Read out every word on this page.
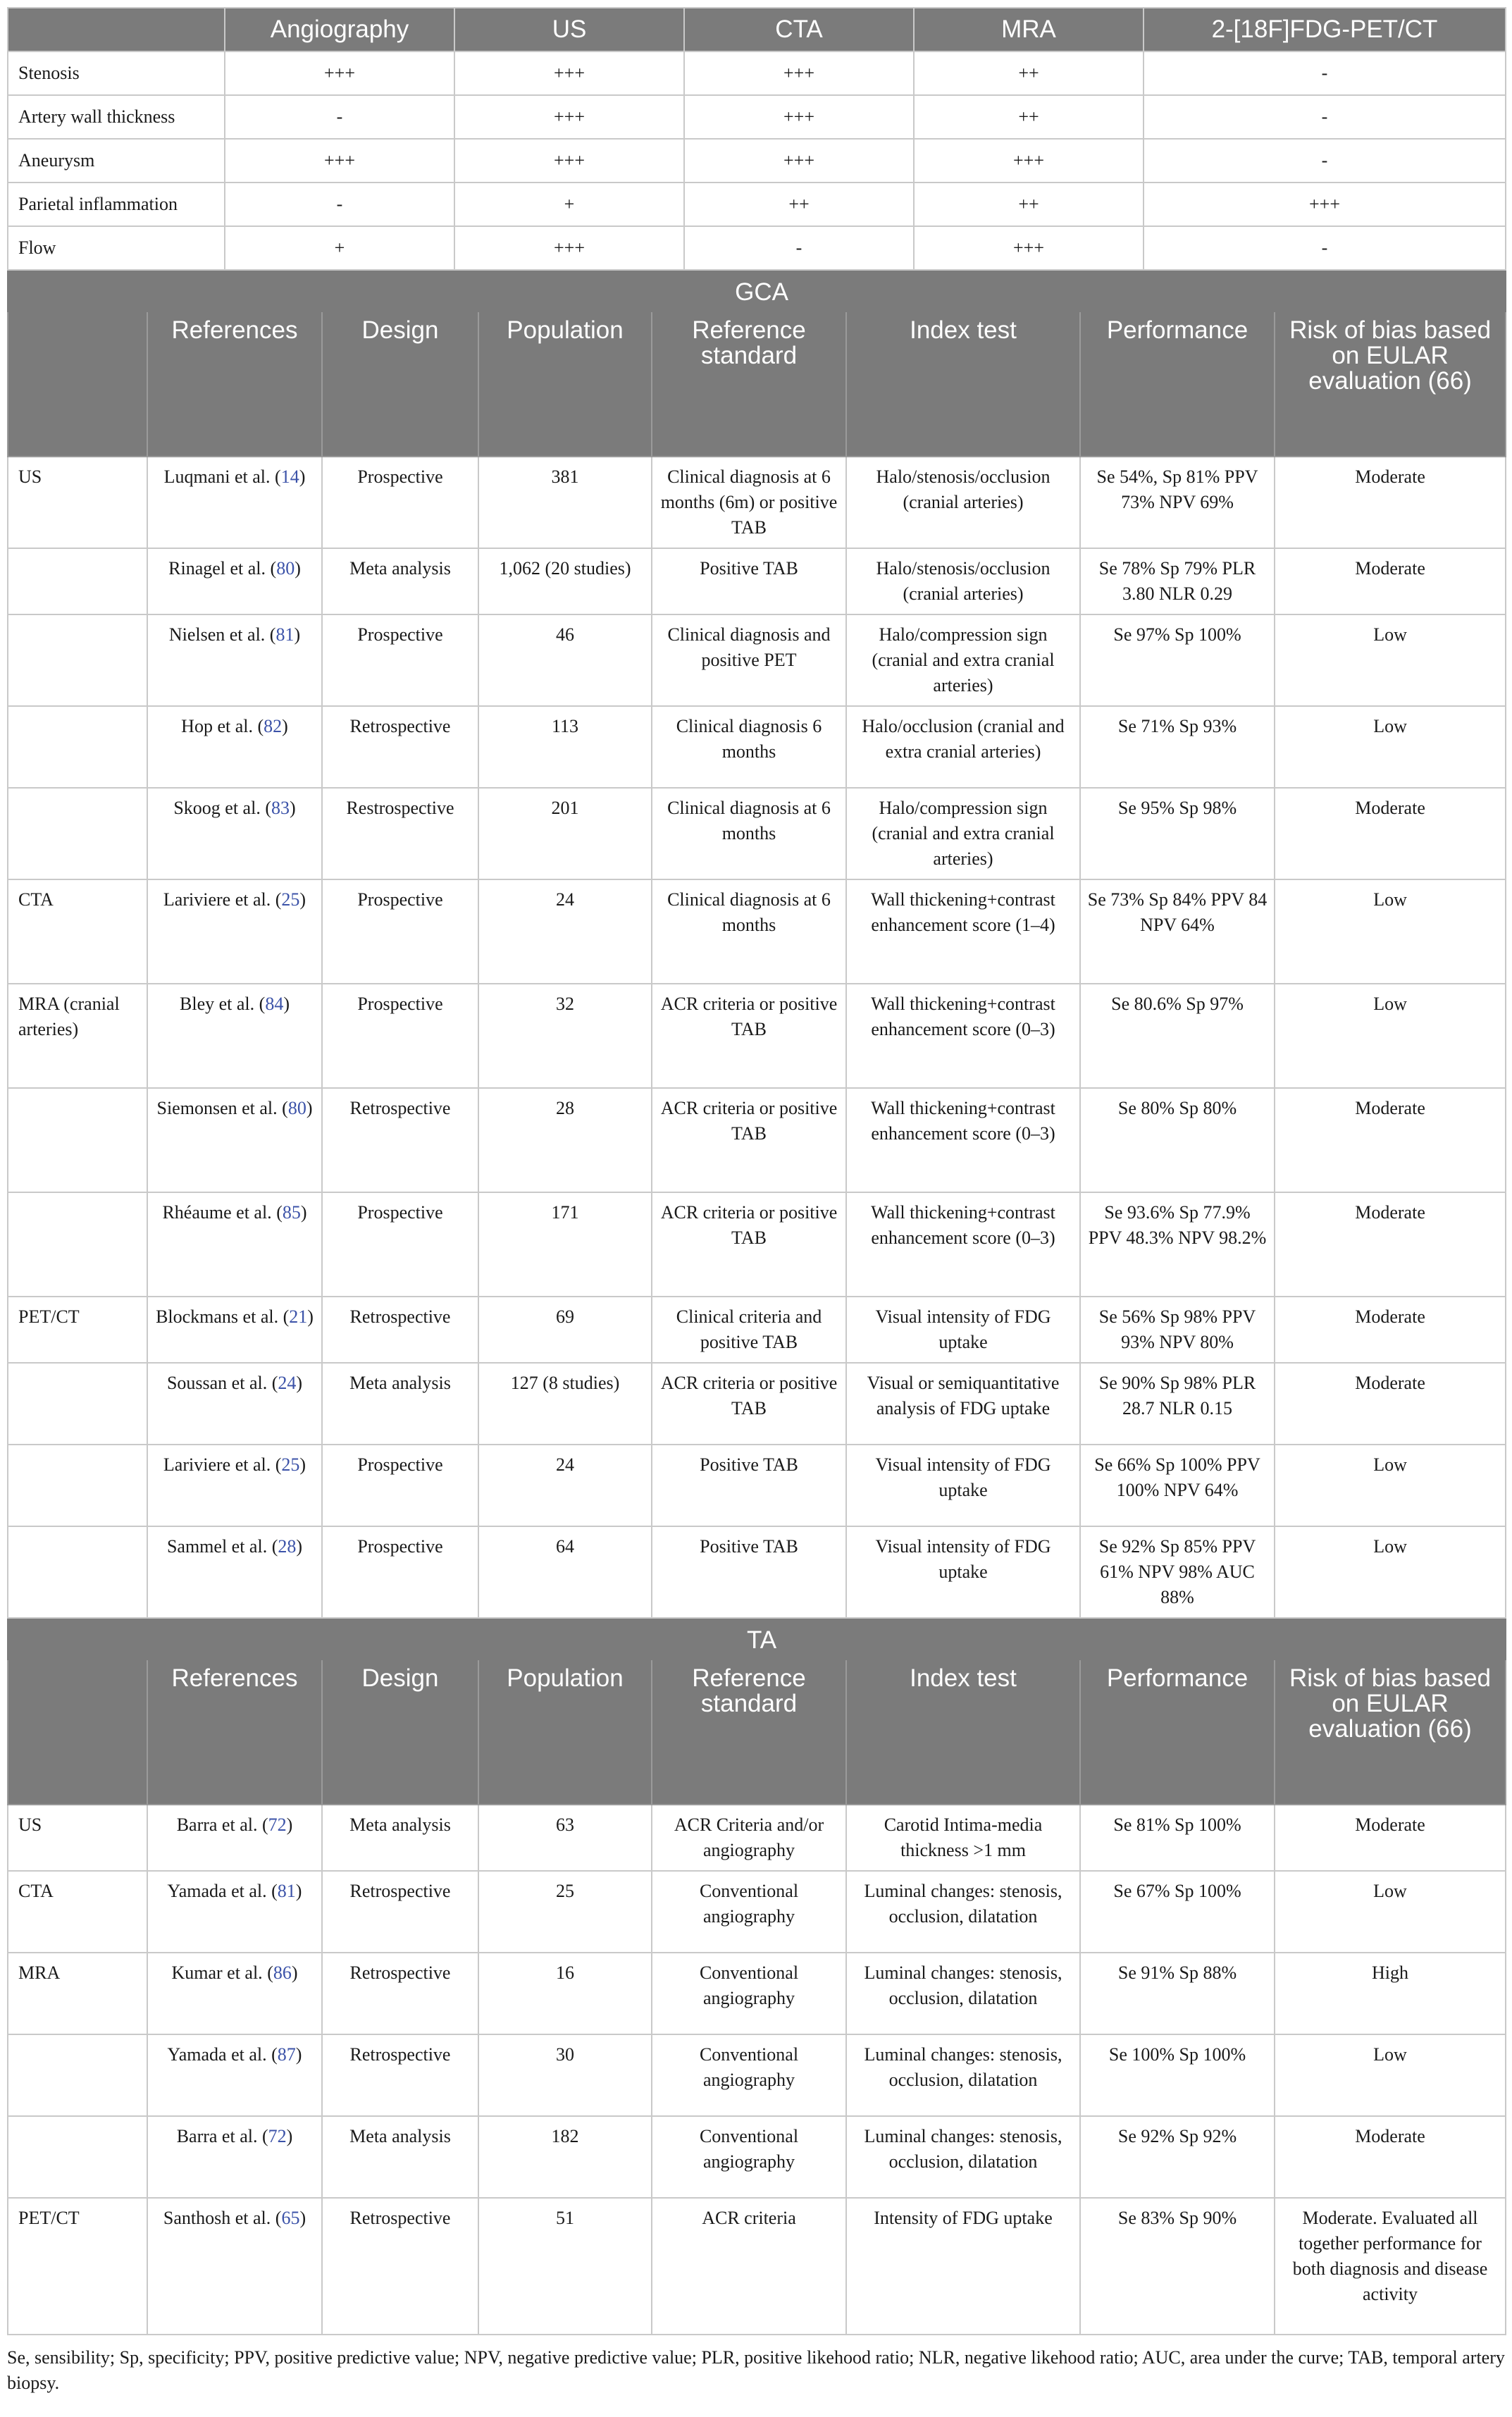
	Angiography	US	CTA	MRA	2-[18F]FDG-PET/CT
Stenosis	+++	+++	+++	++	-
Artery wall thickness	-	+++	+++	++	-
Aneurysm	+++	+++	+++	+++	-
Parietal inflammation	-	+	++	++	+++
Flow	+	+++	-	+++	-
GCA							
	References	Design	Population	Reference standard	Index test	Performance	Risk of bias based on EULAR evaluation (66)
US	Luqmani et al. (14)	Prospective	381	Clinical diagnosis at 6 months (6m) or positive TAB	Halo/stenosis/occlusion (cranial arteries)	Se 54%, Sp 81% PPV 73% NPV 69%	Moderate
	Rinagel et al. (80)	Meta analysis	1,062 (20 studies)	Positive TAB	Halo/stenosis/occlusion (cranial arteries)	Se 78% Sp 79% PLR 3.80 NLR 0.29	Moderate
	Nielsen et al. (81)	Prospective	46	Clinical diagnosis and positive PET	Halo/compression sign (cranial and extra cranial arteries)	Se 97% Sp 100%	Low
	Hop et al. (82)	Retrospective	113	Clinical diagnosis 6 months	Halo/occlusion (cranial and extra cranial arteries)	Se 71% Sp 93%	Low
	Skoog et al. (83)	Restrospective	201	Clinical diagnosis at 6 months	Halo/compression sign (cranial and extra cranial arteries)	Se 95% Sp 98%	Moderate
CTA	Lariviere et al. (25)	Prospective	24	Clinical diagnosis at 6 months	Wall thickening+contrast enhancement score (1–4)	Se 73% Sp 84% PPV 84 NPV 64%	Low
MRA (cranial arteries)	Bley et al. (84)	Prospective	32	ACR criteria or positive TAB	Wall thickening+contrast enhancement score (0–3)	Se 80.6% Sp 97%	Low
	Siemonsen et al. (80)	Retrospective	28	ACR criteria or positive TAB	Wall thickening+contrast enhancement score (0–3)	Se 80% Sp 80%	Moderate
	Rhéaume et al. (85)	Prospective	171	ACR criteria or positive TAB	Wall thickening+contrast enhancement score (0–3)	Se 93.6% Sp 77.9% PPV 48.3% NPV 98.2%	Moderate
PET/CT	Blockmans et al. (21)	Retrospective	69	Clinical criteria and positive TAB	Visual intensity of FDG uptake	Se 56% Sp 98% PPV 93% NPV 80%	Moderate
	Soussan et al. (24)	Meta analysis	127 (8 studies)	ACR criteria or positive TAB	Visual or semiquantitative analysis of FDG uptake	Se 90% Sp 98% PLR 28.7 NLR 0.15	Moderate
	Lariviere et al. (25)	Prospective	24	Positive TAB	Visual intensity of FDG uptake	Se 66% Sp 100% PPV 100% NPV 64%	Low
	Sammel et al. (28)	Prospective	64	Positive TAB	Visual intensity of FDG uptake	Se 92% Sp 85% PPV 61% NPV 98% AUC 88%	Low
TA							
	References	Design	Population	Reference standard	Index test	Performance	Risk of bias based on EULAR evaluation (66)
US	Barra et al. (72)	Meta analysis	63	ACR Criteria and/or angiography	Carotid Intima-media thickness >1 mm	Se 81% Sp 100%	Moderate
CTA	Yamada et al. (81)	Retrospective	25	Conventional angiography	Luminal changes: stenosis, occlusion, dilatation	Se 67% Sp 100%	Low
MRA	Kumar et al. (86)	Retrospective	16	Conventional angiography	Luminal changes: stenosis, occlusion, dilatation	Se 91% Sp 88%	High
	Yamada et al. (87)	Retrospective	30	Conventional angiography	Luminal changes: stenosis, occlusion, dilatation	Se 100% Sp 100%	Low
	Barra et al. (72)	Meta analysis	182	Conventional angiography	Luminal changes: stenosis, occlusion, dilatation	Se 92% Sp 92%	Moderate
PET/CT	Santhosh et al. (65)	Retrospective	51	ACR criteria	Intensity of FDG uptake	Se 83% Sp 90%	Moderate. Evaluated all together performance for both diagnosis and disease activity
Se, sensibility; Sp, specificity; PPV, positive predictive value; NPV, negative predictive value; PLR, positive likehood ratio; NLR, negative likehood ratio; AUC, area under the curve; TAB, temporal artery biopsy.
